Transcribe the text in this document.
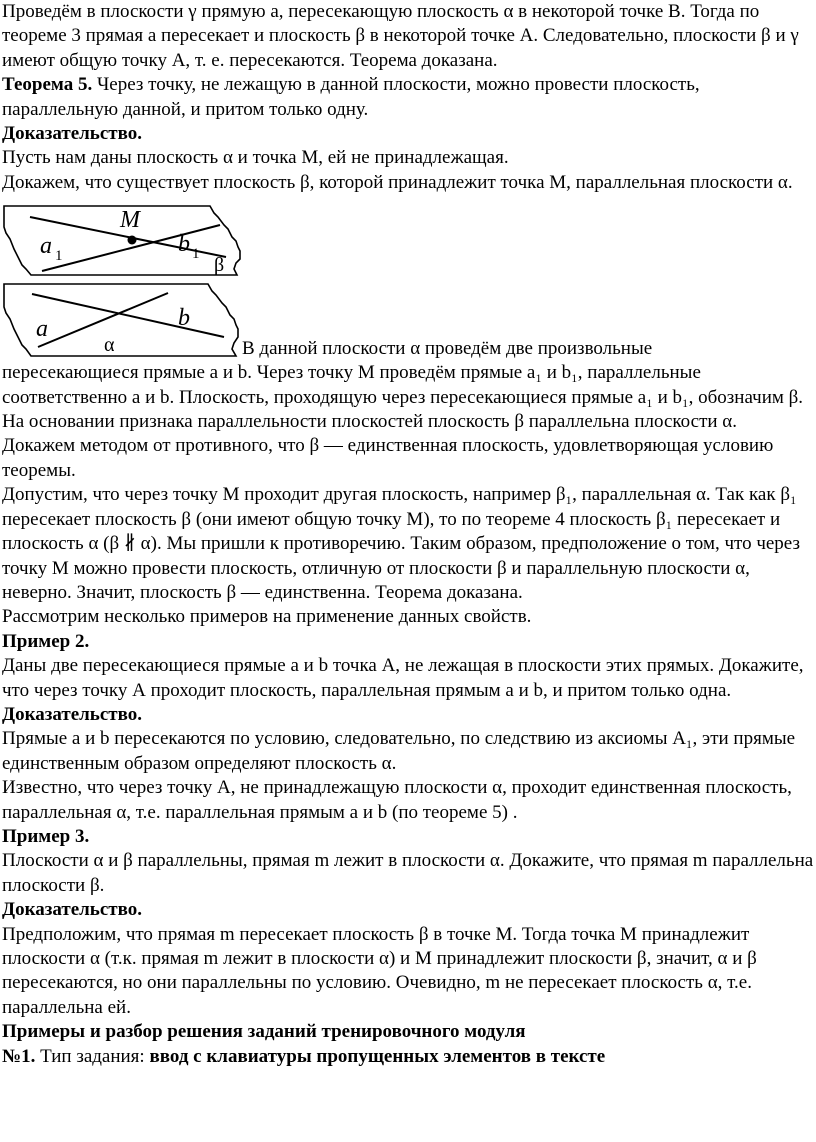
Проведём в плоскости γ прямую a, пересекающую плоскость α в некоторой точке B. Тогда по теореме 3 прямая a пересекает и плоскость β в некоторой точке A. Следовательно, плоскости β и γ имеют общую точку A, т. е. пересекаются. Теорема доказана.

Теорема 5. Через точку, не лежащую в данной плоскости, можно провести плоскость, параллельную данной, и притом только одну.

Доказательство.

Пусть нам даны плоскость α и точка М, ей не принадлежащая.

Докажем, что существует плоскость β, которой принадлежит точка М, параллельная плоскости α.

M
a 1	b 1 β
a	b
α	В данной плоскости α проведём две произвольные

пересекающиеся прямые a и b. Через точку M проведём прямые a₁ и b₁, параллельные соответственно a и b. Плоскость, проходящую через пересекающиеся прямые a₁ и b₁, обозначим β. На основании признака параллельности плоскостей плоскость β параллельна плоскости α.

Докажем методом от противного, что β — единственная плоскость, удовлетворяющая условию теоремы.

Допустим, что через точку M проходит другая плоскость, например β₁, параллельная α. Так как β₁ пересекает плоскость β (они имеют общую точку M), то по теореме 4 плоскость β₁ пересекает и плоскость α (β ∦ α). Мы пришли к противоречию. Таким образом, предположение о том, что через точку M можно провести плоскость, отличную от плоскости β и параллельную плоскости α, неверно. Значит, плоскость β — единственна. Теорема доказана.

Рассмотрим несколько примеров на применение данных свойств.

Пример 2.

Даны две пересекающиеся прямые a и b точка А, не лежащая в плоскости этих прямых. Докажите, что через точку А проходит плоскость, параллельная прямым a и b, и притом только одна.

Доказательство.

Прямые a и b пересекаются по условию, следовательно, по следствию из аксиомы А₁, эти прямые единственным образом определяют плоскость α.

Известно, что через точку А, не принадлежащую плоскости α, проходит единственная плоскость, параллельная α, т.е. параллельная прямым a и b (по теореме 5) .

Пример 3.

Плоскости α и β параллельны, прямая m лежит в плоскости α. Докажите, что прямая m параллельна плоскости β.

Доказательство.

Предположим, что прямая m пересекает плоскость β в точке М. Тогда точка М принадлежит плоскости α (т.к. прямая m лежит в плоскости α) и М принадлежит плоскости β, значит, α и β пересекаются, но они параллельны по условию. Очевидно, m не пересекает плоскость α, т.е. параллельна ей.

Примеры и разбор решения заданий тренировочного модуля

№1. Тип задания: ввод с клавиатуры пропущенных элементов в тексте
